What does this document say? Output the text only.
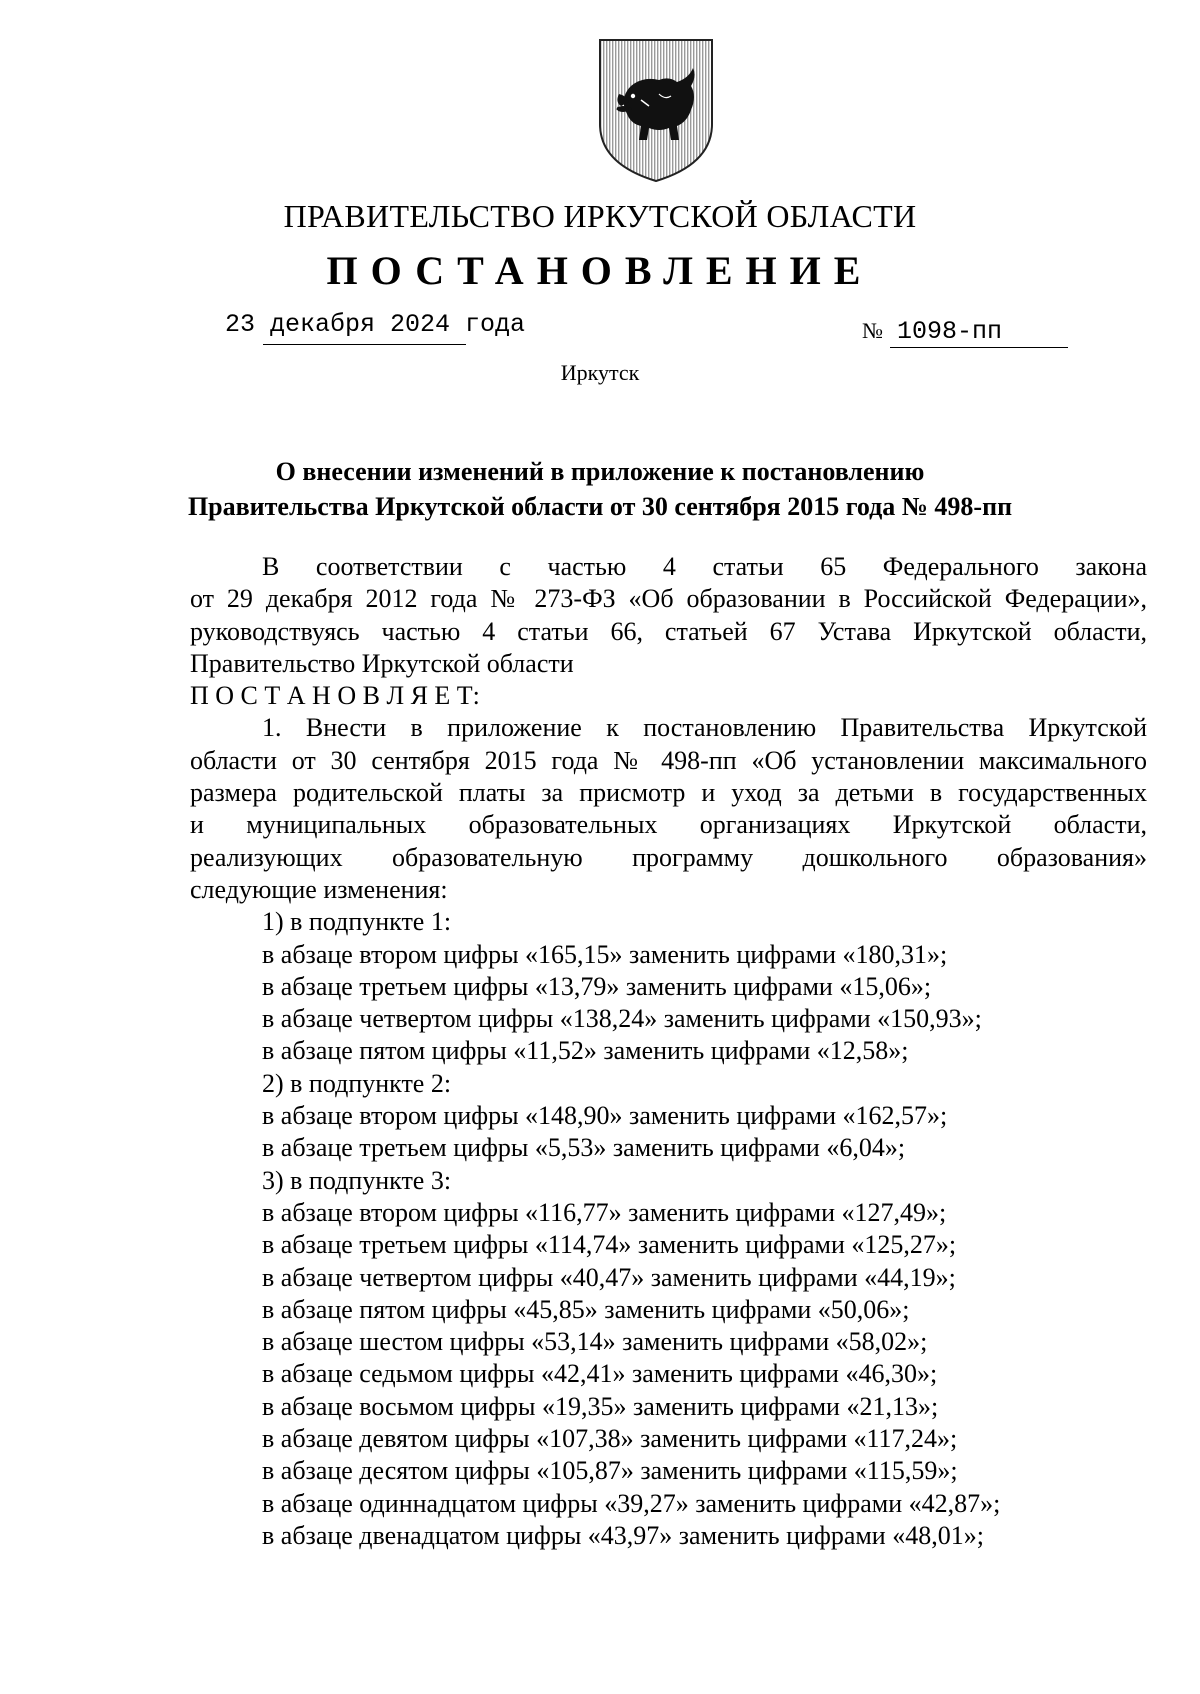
ПРАВИТЕЛЬСТВО ИРКУТСКОЙ ОБЛАСТИ
ПОСТАНОВЛЕНИЕ
23 декабря 2024 года	№ 1098-пп
Иркутск
О внесении изменений в приложение к постановлению
Правительства Иркутской области от 30 сентября 2015 года № 498-пп

В соответствии с частью 4 статьи 65 Федерального закона

от 29 декабря 2012 года № 273-ФЗ «Об образовании в Российской Федерации»,

руководствуясь частью 4 статьи 66, статьей 67 Устава Иркутской области,

Правительство Иркутской области

П О С Т А Н О В Л Я Е Т:

1. Внести в приложение к постановлению Правительства Иркутской

области от 30 сентября 2015 года № 498-пп «Об установлении максимального

размера родительской платы за присмотр и уход за детьми в государственных

и муниципальных образовательных организациях Иркутской области,

реализующих образовательную программу дошкольного образования»

следующие изменения:

1) в подпункте 1:

в абзаце втором цифры «165,15» заменить цифрами «180,31»;

в абзаце третьем цифры «13,79» заменить цифрами «15,06»;

в абзаце четвертом цифры «138,24» заменить цифрами «150,93»;

в абзаце пятом цифры «11,52» заменить цифрами «12,58»;

2) в подпункте 2:

в абзаце втором цифры «148,90» заменить цифрами «162,57»;

в абзаце третьем цифры «5,53» заменить цифрами «6,04»;

3) в подпункте 3:

в абзаце втором цифры «116,77» заменить цифрами «127,49»;

в абзаце третьем цифры «114,74» заменить цифрами «125,27»;

в абзаце четвертом цифры «40,47» заменить цифрами «44,19»;

в абзаце пятом цифры «45,85» заменить цифрами «50,06»;

в абзаце шестом цифры «53,14» заменить цифрами «58,02»;

в абзаце седьмом цифры «42,41» заменить цифрами «46,30»;

в абзаце восьмом цифры «19,35» заменить цифрами «21,13»;

в абзаце девятом цифры «107,38» заменить цифрами «117,24»;

в абзаце десятом цифры «105,87» заменить цифрами «115,59»;

в абзаце одиннадцатом цифры «39,27» заменить цифрами «42,87»;

в абзаце двенадцатом цифры «43,97» заменить цифрами «48,01»;
